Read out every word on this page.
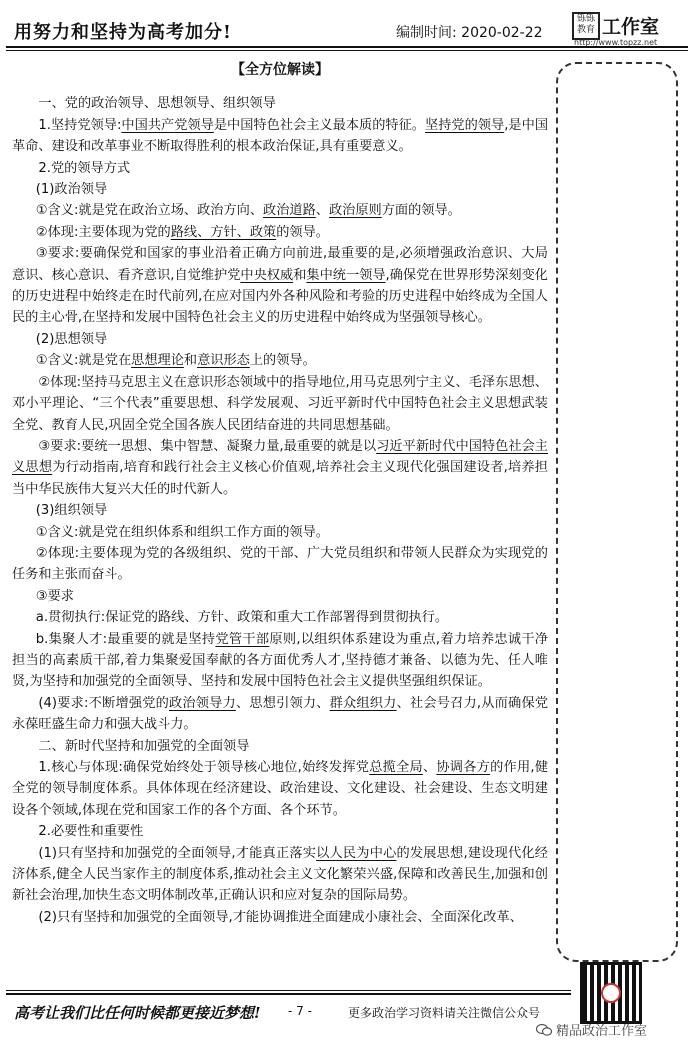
用努力和坚持为高考加分!	编制时间: 2020-02-22
铄铄 教育 工作室
http://www.topzz.net
【全方位解读】

一、党的政治领导、思想领导、组织领导

1.坚持党领导:中国共产党领导是中国特色社会主义最本质的特征。坚持党的领导,是中国革命、建设和改革事业不断取得胜利的根本政治保证,具有重要意义。

2.党的领导方式

(1)政治领导

①含义:就是党在政治立场、政治方向、政治道路、政治原则方面的领导。

②体现:主要体现为党的路线、方针、政策的领导。

③要求:要确保党和国家的事业沿着正确方向前进,最重要的是,必须增强政治意识、大局意识、核心意识、看齐意识,自觉维护党中央权威和集中统一领导,确保党在世界形势深刻变化的历史进程中始终走在时代前列,在应对国内外各种风险和考验的历史进程中始终成为全国人民的主心骨,在坚持和发展中国特色社会主义的历史进程中始终成为坚强领导核心。

(2)思想领导

①含义:就是党在思想理论和意识形态上的领导。

②体现:坚持马克思主义在意识形态领域中的指导地位,用马克思列宁主义、毛泽东思想、邓小平理论、“三个代表”重要思想、科学发展观、习近平新时代中国特色社会主义思想武装全党、教育人民,巩固全党全国各族人民团结奋进的共同思想基础。

③要求:要统一思想、集中智慧、凝聚力量,最重要的就是以习近平新时代中国特色社会主义思想为行动指南,培育和践行社会主义核心价值观,培养社会主义现代化强国建设者,培养担当中华民族伟大复兴大任的时代新人。

(3)组织领导

①含义:就是党在组织体系和组织工作方面的领导。

②体现:主要体现为党的各级组织、党的干部、广大党员组织和带领人民群众为实现党的任务和主张而奋斗。

③要求

a.贯彻执行:保证党的路线、方针、政策和重大工作部署得到贯彻执行。

b.集聚人才:最重要的就是坚持党管干部原则,以组织体系建设为重点,着力培养忠诚干净担当的高素质干部,着力集聚爱国奉献的各方面优秀人才,坚持德才兼备、以德为先、任人唯贤,为坚持和加强党的全面领导、坚持和发展中国特色社会主义提供坚强组织保证。

(4)要求:不断增强党的政治领导力、思想引领力、群众组织力、社会号召力,从而确保党永葆旺盛生命力和强大战斗力。

二、新时代坚持和加强党的全面领导

1.核心与体现:确保党始终处于领导核心地位,始终发挥党总揽全局、协调各方的作用,健全党的领导制度体系。具体体现在经济建设、政治建设、文化建设、社会建设、生态文明建设各个领域,体现在党和国家工作的各个方面、各个环节。

2.必要性和重要性

(1)只有坚持和加强党的全面领导,才能真正落实以人民为中心的发展思想,建设现代化经济体系,健全人民当家作主的制度体系,推动社会主义文化繁荣兴盛,保障和改善民生,加强和创新社会治理,加快生态文明体制改革,正确认识和应对复杂的国际局势。

(2)只有坚持和加强党的全面领导,才能协调推进全面建成小康社会、全面深化改革、

高考让我们比任何时候都更接近梦想! - 7 -	更多政治学习资料请关注微信公众号
精品政治工作室
